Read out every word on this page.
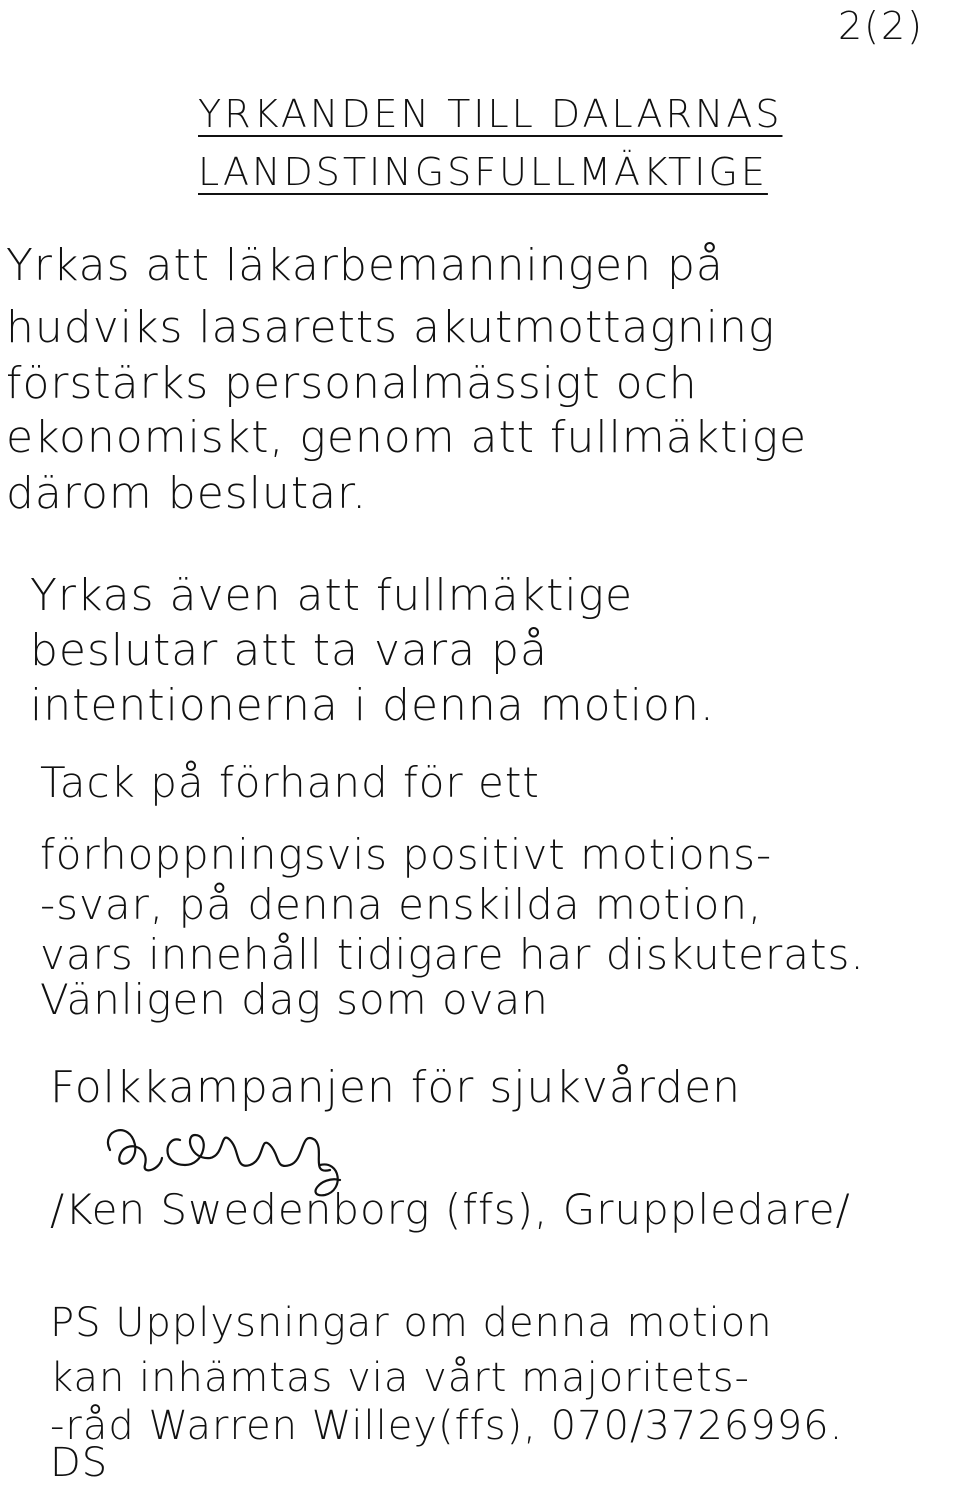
2(2)
YRKANDEN TILL DALARNAS
LANDSTINGSFULLMÄKTIGE
Yrkas att läkarbemanningen på
hudviks lasaretts akutmottagning
förstärks personalmässigt och
ekonomiskt, genom att fullmäktige
därom beslutar.
Yrkas även att fullmäktige
beslutar att ta vara på
intentionerna i denna motion.
Tack på förhand för ett
förhoppningsvis positivt motions-
-svar, på denna enskilda motion,
vars innehåll tidigare har diskuterats.
Vänligen dag som ovan
Folkkampanjen för sjukvården
/Ken Swedenborg (ffs), Gruppledare/
PS Upplysningar om denna motion
kan inhämtas via vårt majoritets-
-råd Warren Willey(ffs), 070/3726996.
DS
